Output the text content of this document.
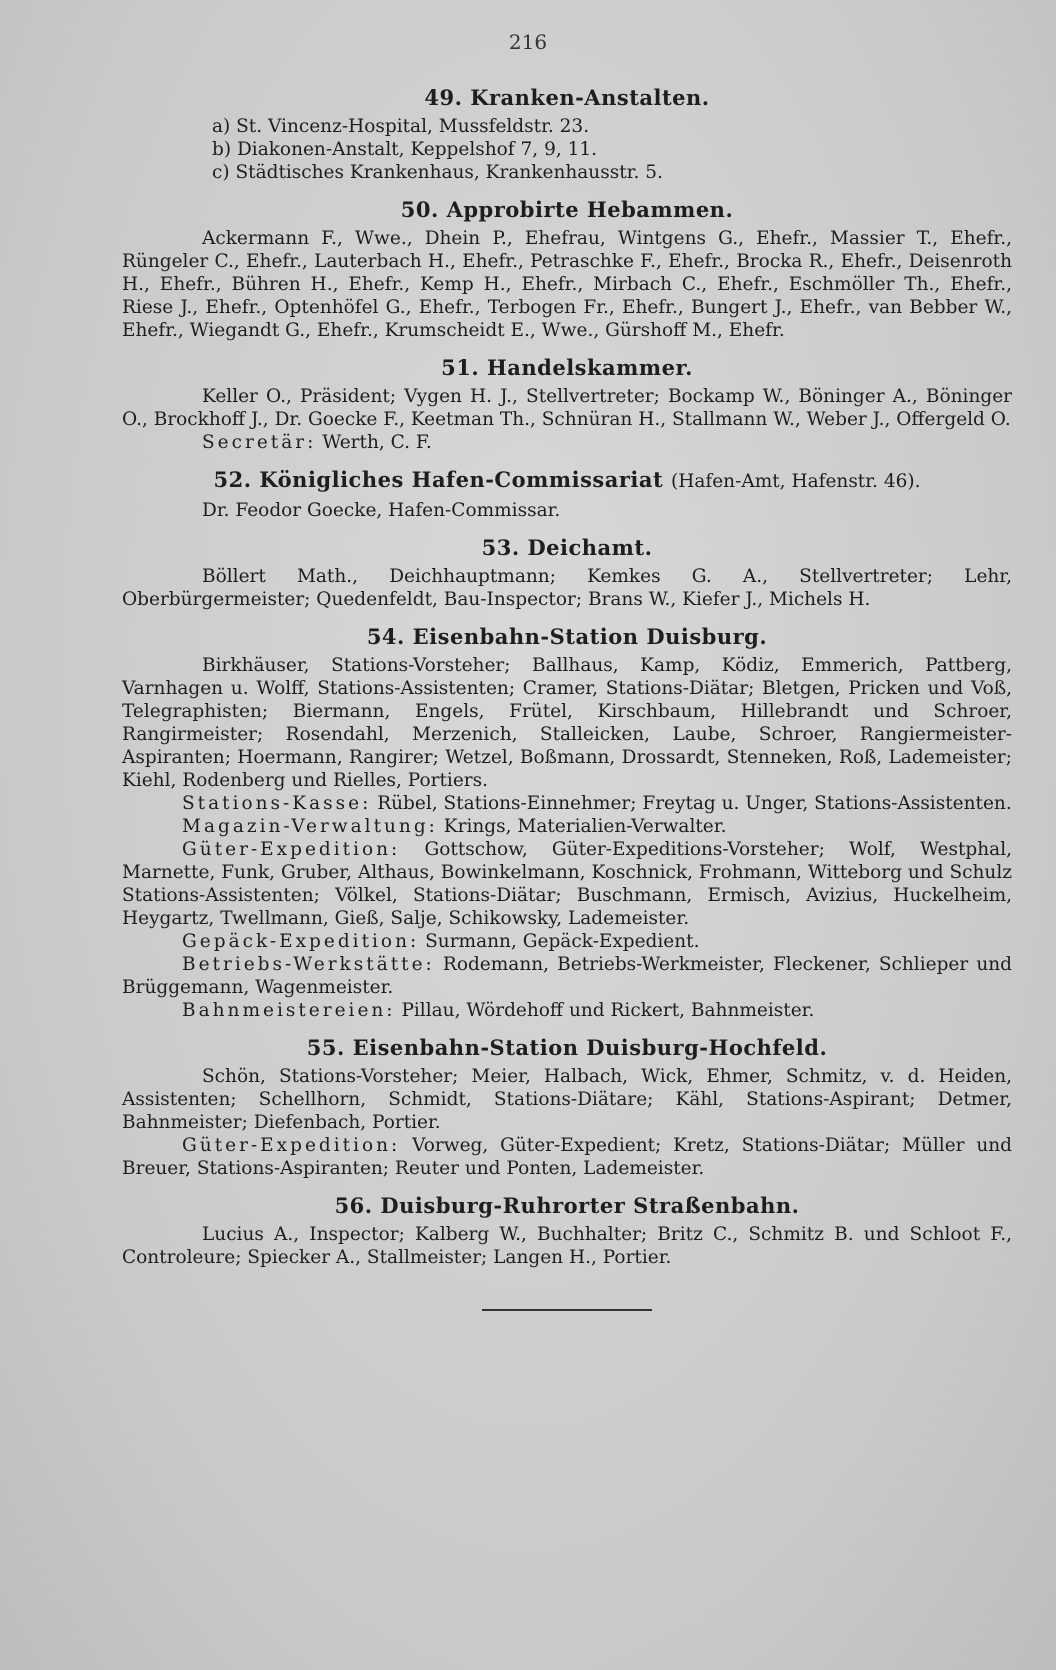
216
49. Kranken-Anstalten.
a) St. Vincenz-Hospital, Mussfeldstr. 23.
b) Diakonen-Anstalt, Keppelshof 7, 9, 11.
c) Städtisches Krankenhaus, Krankenhausstr. 5.
50. Approbirte Hebammen.

Ackermann F., Wwe., Dhein P., Ehefrau, Wintgens G., Ehefr., Massier T., Ehefr., Rüngeler C., Ehefr., Lauterbach H., Ehefr., Petraschke F., Ehefr., Brocka R., Ehefr., Deisenroth H., Ehefr., Bühren H., Ehefr., Kemp H., Ehefr., Mirbach C., Ehefr., Eschmöller Th., Ehefr., Riese J., Ehefr., Optenhöfel G., Ehefr., Terbogen Fr., Ehefr., Bungert J., Ehefr., van Bebber W., Ehefr., Wiegandt G., Ehefr., Krumscheidt E., Wwe., Gürshoff M., Ehefr.

51. Handelskammer.

Keller O., Präsident; Vygen H. J., Stellvertreter; Bockamp W., Böninger A., Böninger O., Brockhoff J., Dr. Goecke F., Keetman Th., Schnüran H., Stallmann W., Weber J., Offergeld O.

Secretär: Werth, C. F.

52. Königliches Hafen-Commissariat (Hafen-Amt, Hafenstr. 46).

Dr. Feodor Goecke, Hafen-Commissar.

53. Deichamt.

Böllert Math., Deichhauptmann; Kemkes G. A., Stellvertreter; Lehr, Oberbürgermeister; Quedenfeldt, Bau-Inspector; Brans W., Kiefer J., Michels H.

54. Eisenbahn-Station Duisburg.

Birkhäuser, Stations-Vorsteher; Ballhaus, Kamp, Ködiz, Emmerich, Pattberg, Varnhagen u. Wolff, Stations-Assistenten; Cramer, Stations-Diätar; Bletgen, Pricken und Voß, Telegraphisten; Biermann, Engels, Frütel, Kirschbaum, Hillebrandt und Schroer, Rangirmeister; Rosendahl, Merzenich, Stalleicken, Laube, Schroer, Rangiermeister-Aspiranten; Hoermann, Rangirer; Wetzel, Boßmann, Drossardt, Stenneken, Roß, Lademeister; Kiehl, Rodenberg und Rielles, Portiers.

Stations-Kasse: Rübel, Stations-Einnehmer; Freytag u. Unger, Stations-Assistenten.

Magazin-Verwaltung: Krings, Materialien-Verwalter.

Güter-Expedition: Gottschow, Güter-Expeditions-Vorsteher; Wolf, Westphal, Marnette, Funk, Gruber, Althaus, Bowinkelmann, Koschnick, Frohmann, Witteborg und Schulz Stations-Assistenten; Völkel, Stations-Diätar; Buschmann, Ermisch, Avizius, Huckelheim, Heygartz, Twellmann, Gieß, Salje, Schikowsky, Lademeister.

Gepäck-Expedition: Surmann, Gepäck-Expedient.

Betriebs-Werkstätte: Rodemann, Betriebs-Werkmeister, Fleckener, Schlieper und Brüggemann, Wagenmeister.

Bahnmeistereien: Pillau, Wördehoff und Rickert, Bahnmeister.

55. Eisenbahn-Station Duisburg-Hochfeld.

Schön, Stations-Vorsteher; Meier, Halbach, Wick, Ehmer, Schmitz, v. d. Heiden, Assistenten; Schellhorn, Schmidt, Stations-Diätare; Kähl, Stations-Aspirant; Detmer, Bahnmeister; Diefenbach, Portier.

Güter-Expedition: Vorweg, Güter-Expedient; Kretz, Stations-Diätar; Müller und Breuer, Stations-Aspiranten; Reuter und Ponten, Lademeister.

56. Duisburg-Ruhrorter Straßenbahn.

Lucius A., Inspector; Kalberg W., Buchhalter; Britz C., Schmitz B. und Schloot F., Controleure; Spiecker A., Stallmeister; Langen H., Portier.
